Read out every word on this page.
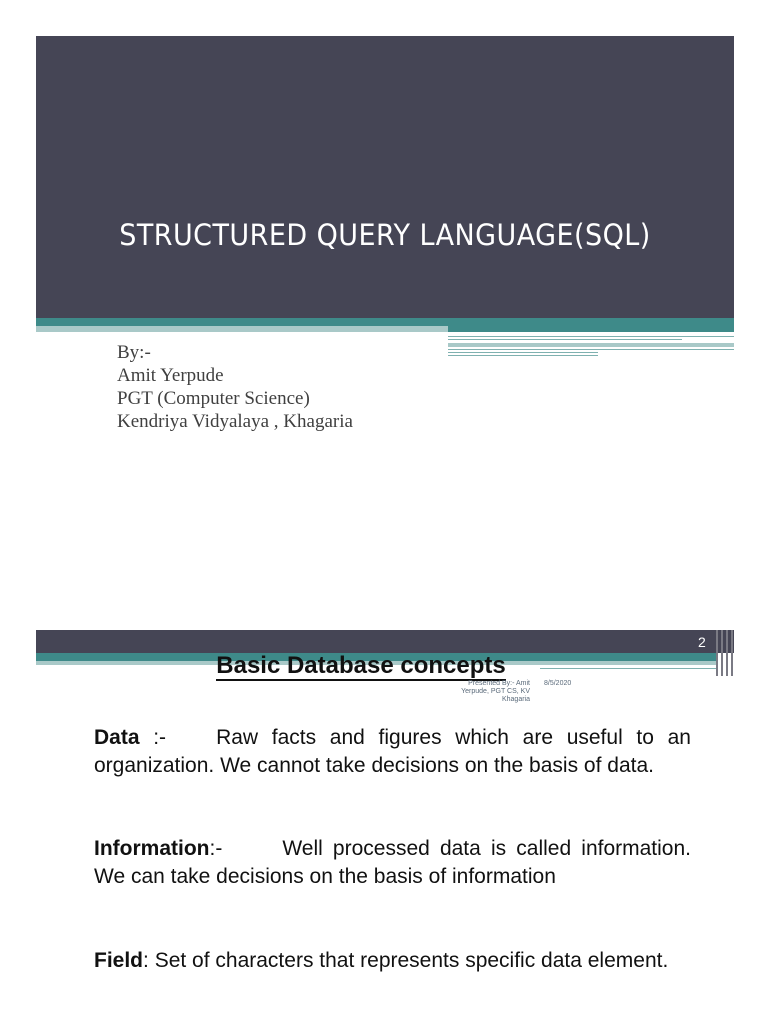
STRUCTURED QUERY LANGUAGE(SQL)
By:-
Amit Yerpude
PGT (Computer Science)
Kendriya Vidyalaya , Khagaria
2
Basic Database concepts
Presented By:- Amit
Yerpude, PGT CS, KV
Khagaria
8/5/2020
Data :- Raw facts and figures which are useful to an organization. We cannot take decisions on the basis of data.
Information:-	Well processed data is called information. We can take decisions on the basis of information
Field: Set of characters that represents specific data element.
